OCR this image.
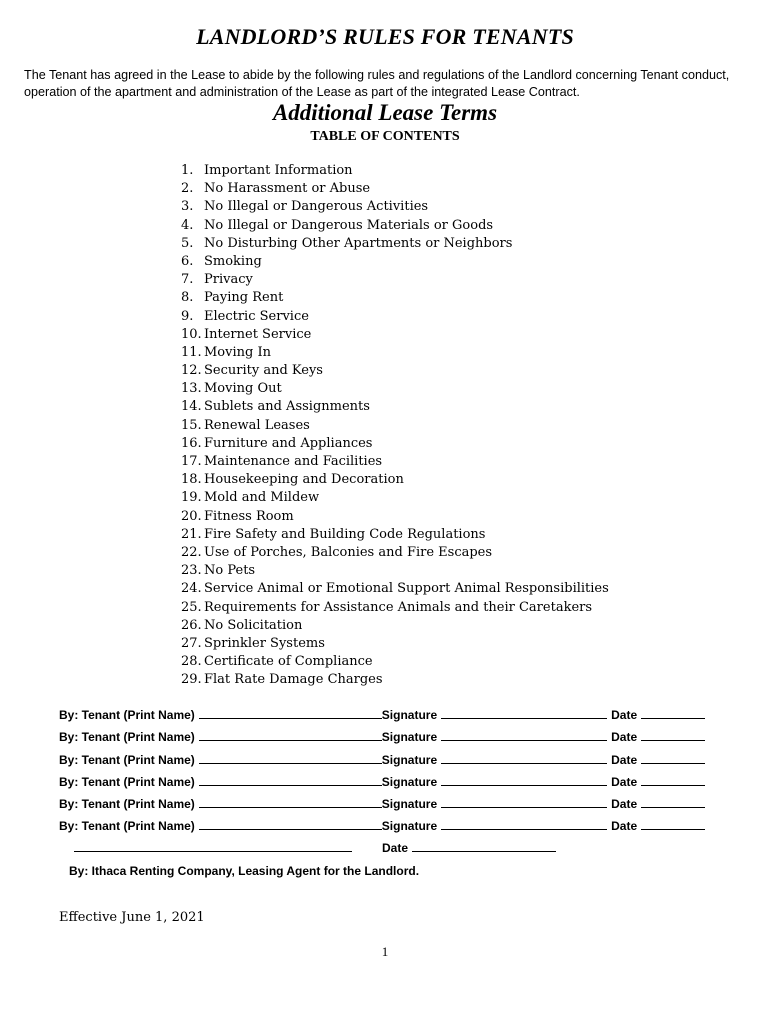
LANDLORD’S RULES FOR TENANTS
The Tenant has agreed in the Lease to abide by the following rules and regulations of the Landlord concerning Tenant conduct, operation of the apartment and administration of the Lease as part of the integrated Lease Contract.
Additional Lease Terms
TABLE OF CONTENTS
1. Important Information
2. No Harassment or Abuse
3. No Illegal or Dangerous Activities
4. No Illegal or Dangerous Materials or Goods
5. No Disturbing Other Apartments or Neighbors
6. Smoking
7. Privacy
8. Paying Rent
9. Electric Service
10. Internet Service
11. Moving In
12. Security and Keys
13. Moving Out
14. Sublets and Assignments
15. Renewal Leases
16. Furniture and Appliances
17. Maintenance and Facilities
18. Housekeeping and Decoration
19. Mold and Mildew
20. Fitness Room
21. Fire Safety and Building Code Regulations
22. Use of Porches, Balconies and Fire Escapes
23. No Pets
24. Service Animal or Emotional Support Animal Responsibilities
25. Requirements for Assistance Animals and their Caretakers
26. No Solicitation
27. Sprinkler Systems
28. Certificate of Compliance
29. Flat Rate Damage Charges
By: Tenant (Print Name)	Signature	Date
By: Tenant (Print Name)	Signature	Date
By: Tenant (Print Name)	Signature	Date
By: Tenant (Print Name)	Signature	Date
By: Tenant (Print Name)	Signature	Date
By: Tenant (Print Name)	Signature	Date
Date
By: Ithaca Renting Company, Leasing Agent for the Landlord.
Effective June 1, 2021
1
